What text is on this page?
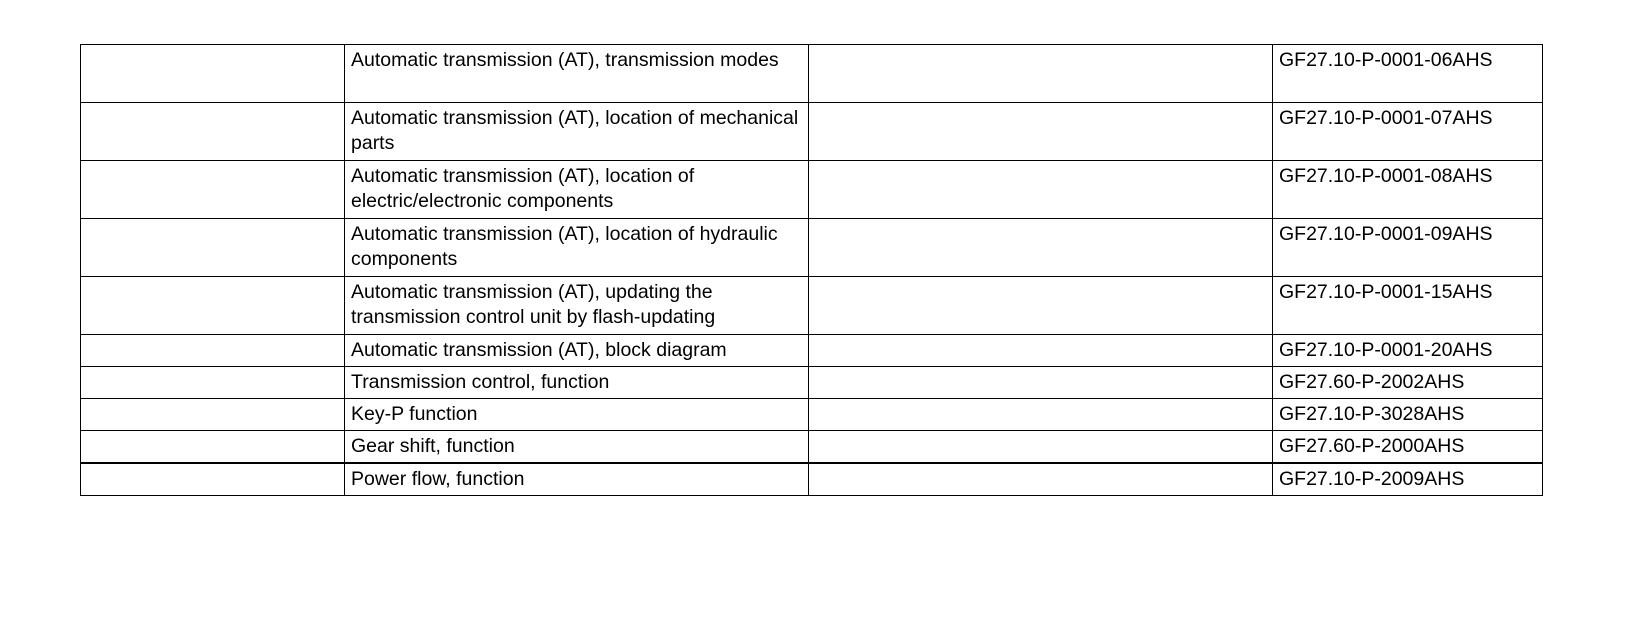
	Automatic transmission (AT), transmission modes		GF27.10-P-0001-06AHS
	Automatic transmission (AT), location of mechanical parts		GF27.10-P-0001-07AHS
	Automatic transmission (AT), location of electric/electronic components		GF27.10-P-0001-08AHS
	Automatic transmission (AT), location of hydraulic components		GF27.10-P-0001-09AHS
	Automatic transmission (AT), updating the transmission control unit by flash-updating		GF27.10-P-0001-15AHS
	Automatic transmission (AT), block diagram		GF27.10-P-0001-20AHS
	Transmission control, function		GF27.60-P-2002AHS
	Key-P function		GF27.10-P-3028AHS
	Gear shift, function		GF27.60-P-2000AHS
	Power flow, function		GF27.10-P-2009AHS
